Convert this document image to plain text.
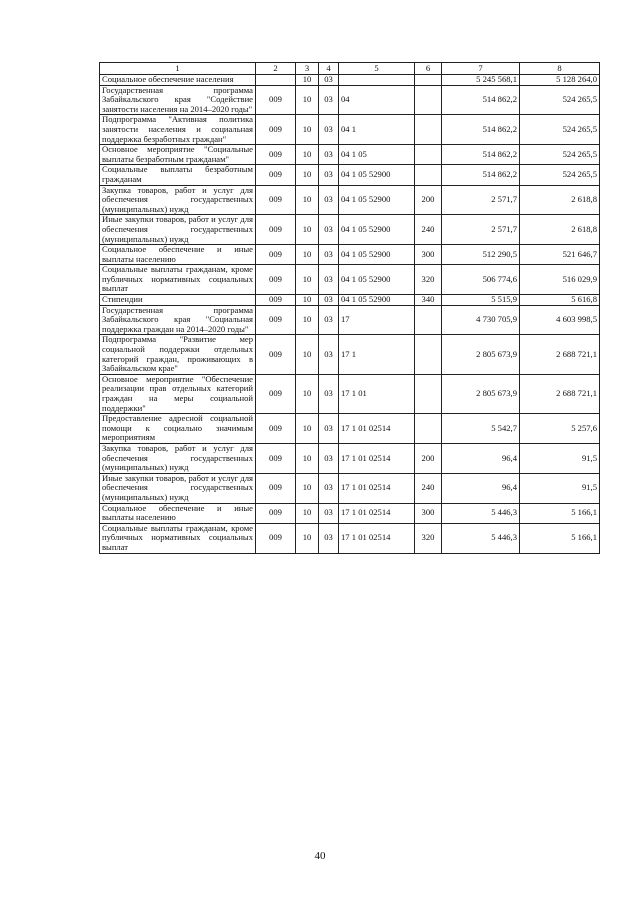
1	2	3	4	5	6	7	8
Социальное обеспечение населения		10	03			5 245 568,1	5 128 264,0
Государственная программа Забайкальского края "Содействие занятости населения на 2014–2020 годы"	009	10	03	04		514 862,2	524 265,5
Подпрограмма "Активная политика занятости населения и социальная поддержка безработных граждан"	009	10	03	04 1		514 862,2	524 265,5
Основное мероприятие "Социальные выплаты безработным гражданам"	009	10	03	04 1 05		514 862,2	524 265,5
Социальные выплаты безработным гражданам	009	10	03	04 1 05 52900		514 862,2	524 265,5
Закупка товаров, работ и услуг для обеспечения государственных (муниципальных) нужд	009	10	03	04 1 05 52900	200	2 571,7	2 618,8
Иные закупки товаров, работ и услуг для обеспечения государственных (муниципальных) нужд	009	10	03	04 1 05 52900	240	2 571,7	2 618,8
Социальное обеспечение и иные выплаты населению	009	10	03	04 1 05 52900	300	512 290,5	521 646,7
Социальные выплаты гражданам, кроме публичных нормативных социальных выплат	009	10	03	04 1 05 52900	320	506 774,6	516 029,9
Стипендии	009	10	03	04 1 05 52900	340	5 515,9	5 616,8
Государственная программа Забайкальского края "Социальная поддержка граждан на 2014–2020 годы"	009	10	03	17		4 730 705,9	4 603 998,5
Подпрограмма "Развитие мер социальной поддержки отдельных категорий граждан, проживающих в Забайкальском крае"	009	10	03	17 1		2 805 673,9	2 688 721,1
Основное мероприятие "Обеспечение реализации прав отдельных категорий граждан на меры социальной поддержки"	009	10	03	17 1 01		2 805 673,9	2 688 721,1
Предоставление адресной социальной помощи к социально значимым мероприятиям	009	10	03	17 1 01 02514		5 542,7	5 257,6
Закупка товаров, работ и услуг для обеспечения государственных (муниципальных) нужд	009	10	03	17 1 01 02514	200	96,4	91,5
Иные закупки товаров, работ и услуг для обеспечения государственных (муниципальных) нужд	009	10	03	17 1 01 02514	240	96,4	91,5
Социальное обеспечение и иные выплаты населению	009	10	03	17 1 01 02514	300	5 446,3	5 166,1
Социальные выплаты гражданам, кроме публичных нормативных социальных выплат	009	10	03	17 1 01 02514	320	5 446,3	5 166,1
40
